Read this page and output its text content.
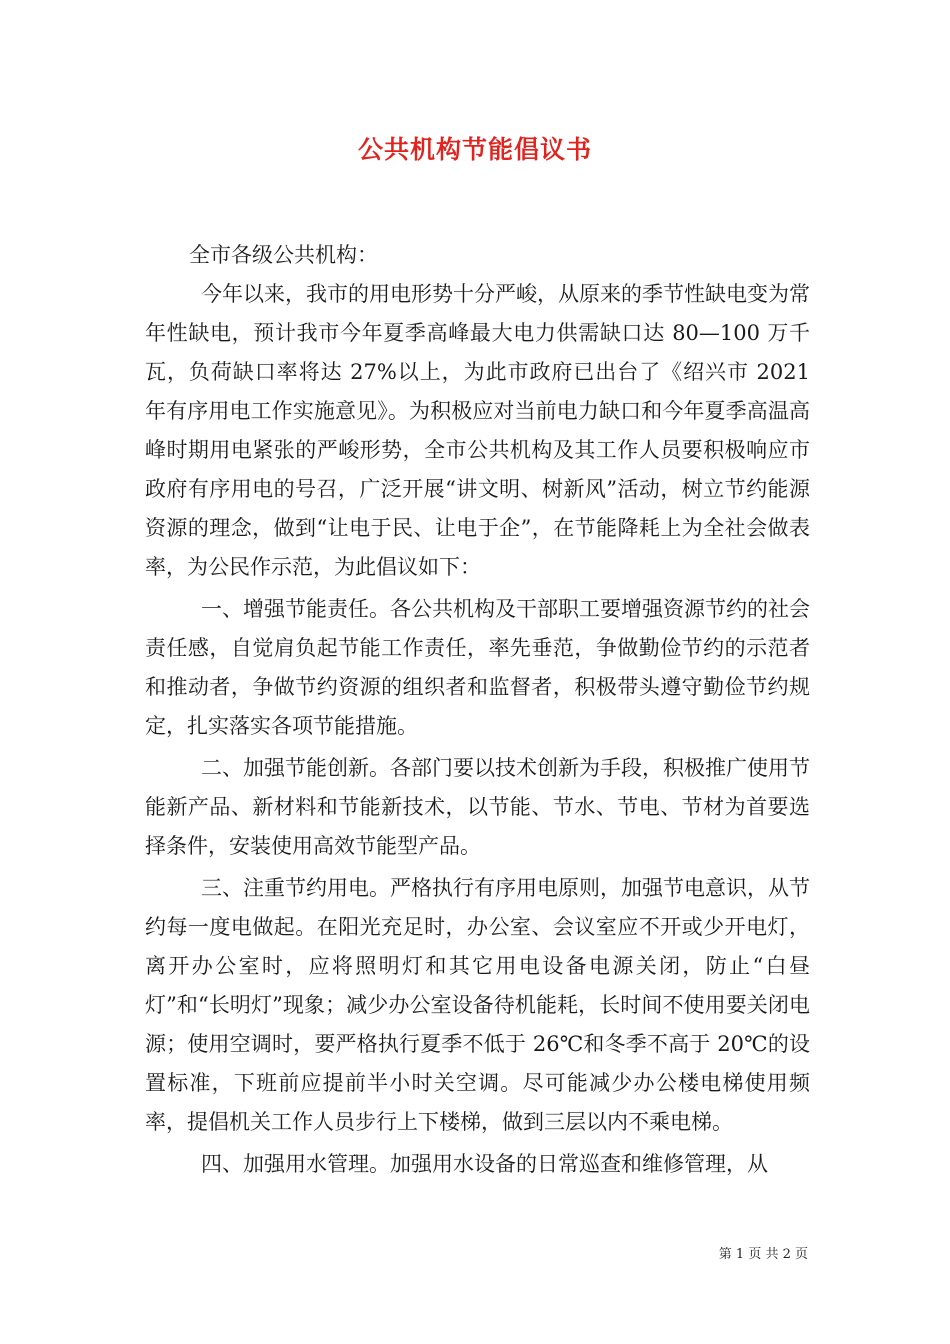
公共机构节能倡议书

全市各级公共机构：

今年以来，我市的用电形势十分严峻，从原来的季节性缺电变为常年性缺电，预计我市今年夏季高峰最大电力供需缺口达 80—100 万千瓦，负荷缺口率将达 27%以上，为此市政府已出台了《绍兴市 2021 年有序用电工作实施意见》。为积极应对当前电力缺口和今年夏季高温高峰时期用电紧张的严峻形势，全市公共机构及其工作人员要积极响应市政府有序用电的号召，广泛开展“讲文明、树新风”活动，树立节约能源资源的理念，做到“让电于民、让电于企”，在节能降耗上为全社会做表率，为公民作示范，为此倡议如下：

一、增强节能责任。各公共机构及干部职工要增强资源节约的社会责任感，自觉肩负起节能工作责任，率先垂范，争做勤俭节约的示范者和推动者，争做节约资源的组织者和监督者，积极带头遵守勤俭节约规定，扎实落实各项节能措施。

二、加强节能创新。各部门要以技术创新为手段，积极推广使用节能新产品、新材料和节能新技术，以节能、节水、节电、节材为首要选择条件，安装使用高效节能型产品。

三、注重节约用电。严格执行有序用电原则，加强节电意识，从节约每一度电做起。在阳光充足时，办公室、会议室应不开或少开电灯，离开办公室时，应将照明灯和其它用电设备电源关闭，防止“白昼灯”和“长明灯”现象；减少办公室设备待机能耗，长时间不使用要关闭电源；使用空调时，要严格执行夏季不低于 26℃和冬季不高于 20℃的设置标准，下班前应提前半小时关空调。尽可能减少办公楼电梯使用频率，提倡机关工作人员步行上下楼梯，做到三层以内不乘电梯。

四、加强用水管理。加强用水设备的日常巡查和维修管理，从

第 1 页 共 2 页
